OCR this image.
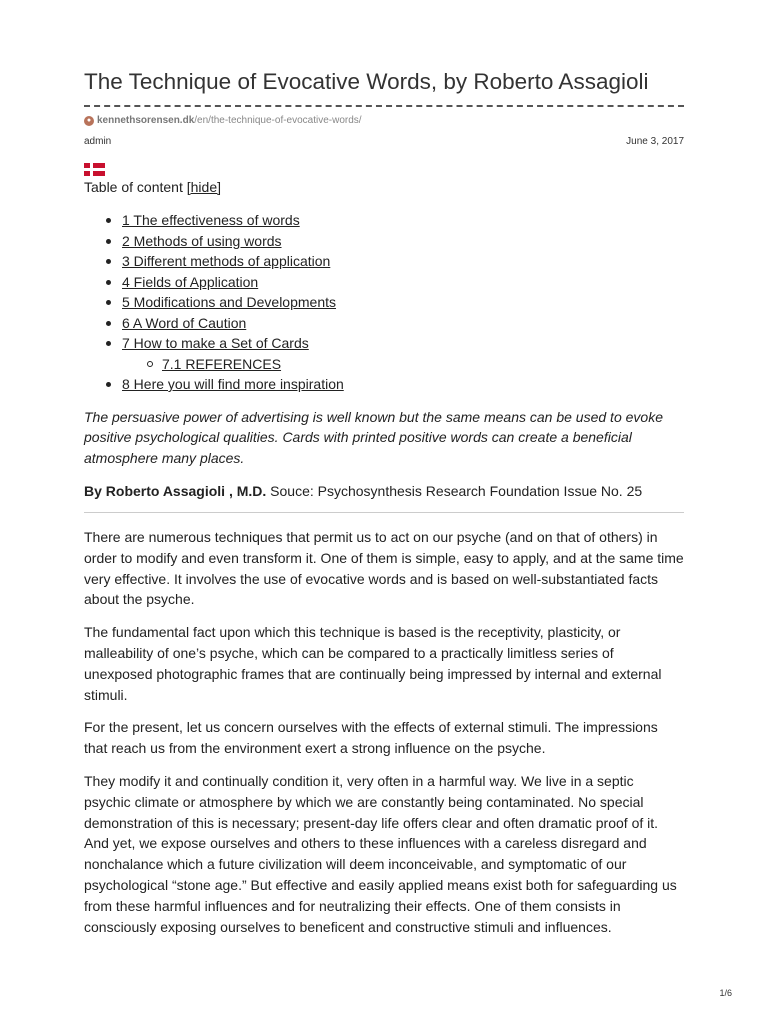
The Technique of Evocative Words, by Roberto Assagioli
● kennethsorensen.dk /en/the-technique-of-evocative-words/
admin	June 3, 2017
Table of content [hide]
1 The effectiveness of words
2 Methods of using words
3 Different methods of application
4 Fields of Application
5 Modifications and Developments
6 A Word of Caution
7 How to make a Set of Cards
7.1 REFERENCES
8 Here you will find more inspiration
The persuasive power of advertising is well known but the same means can be used to evoke positive psychological qualities. Cards with printed positive words can create a beneficial atmosphere many places.
By Roberto Assagioli , M.D. Souce: Psychosynthesis Research Foundation Issue No. 25

There are numerous techniques that permit us to act on our psyche (and on that of others) in order to modify and even transform it. One of them is simple, easy to apply, and at the same time very effective. It involves the use of evocative words and is based on well-substantiated facts about the psyche.

The fundamental fact upon which this technique is based is the receptivity, plasticity, or malleability of one’s psyche, which can be compared to a practically limitless series of unexposed photographic frames that are continually being impressed by internal and external stimuli.

For the present, let us concern ourselves with the effects of external stimuli. The impressions that reach us from the environment exert a strong influence on the psyche.

They modify it and continually condition it, very often in a harmful way. We live in a septic psychic climate or atmosphere by which we are constantly being contaminated. No special demonstration of this is necessary; present-day life offers clear and often dramatic proof of it. And yet, we expose ourselves and others to these influences with a careless disregard and nonchalance which a future civilization will deem inconceivable, and symptomatic of our psychological “stone age.” But effective and easily applied means exist both for safeguarding us from these harmful influences and for neutralizing their effects. One of them consists in consciously exposing ourselves to beneficent and constructive stimuli and influences.

1/6
